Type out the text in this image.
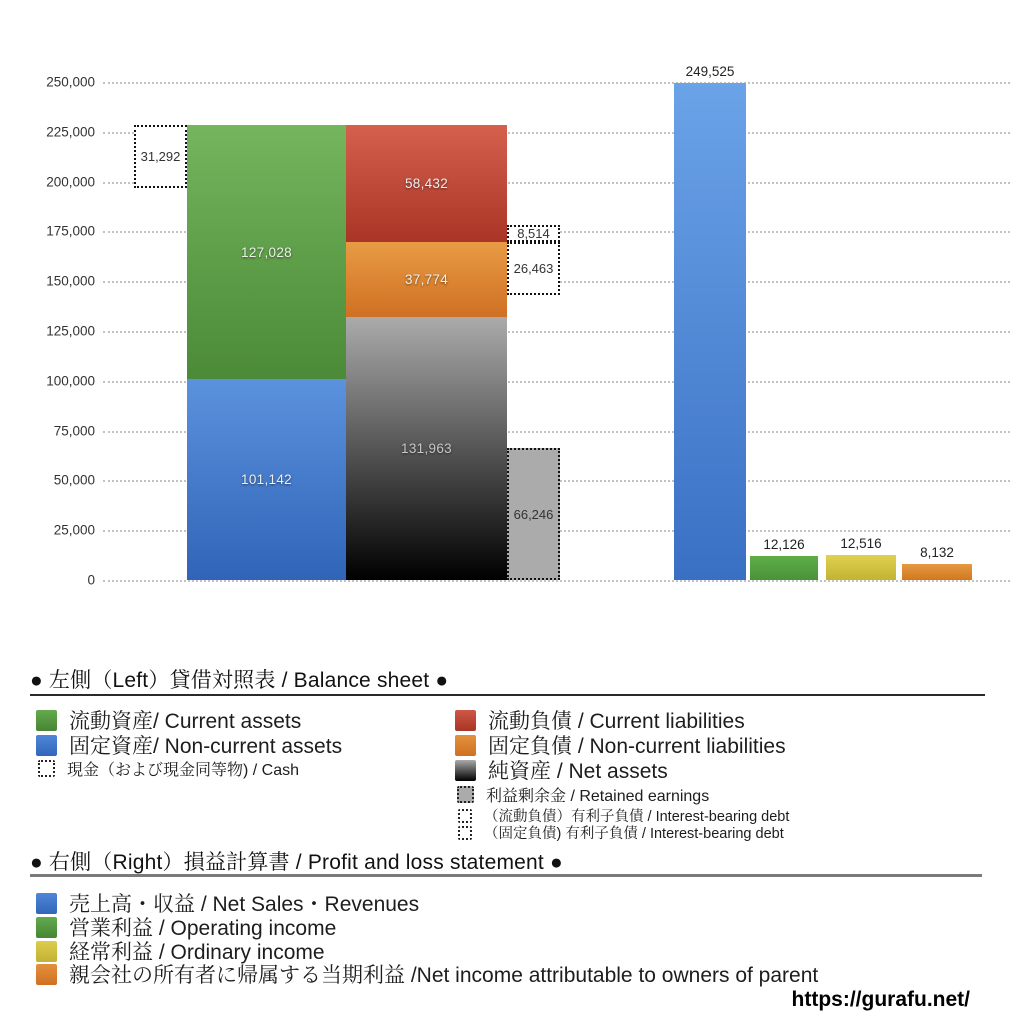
0
25,000
50,000
75,000
100,000
125,000
150,000
175,000
200,000
225,000
250,000
101,142
127,028
131,963
37,774
58,432
31,292
8,514
26,463
66,246
249,525
12,126	12,516
8,132
● 左側（Left）貸借対照表 / Balance sheet ●
流動資産/ Current assets
固定資産/ Non-current assets
現金（および現金同等物) / Cash
流動負債 / Current liabilities
固定負債 / Non-current liabilities
純資産 / Net assets
利益剰余金 / Retained earnings
（流動負債）有利子負債 / Interest-bearing debt
（固定負債) 有利子負債 / Interest-bearing debt
● 右側（Right）損益計算書 / Profit and loss statement ●
売上高・収益 / Net Sales・Revenues
営業利益 / Operating income
経常利益 / Ordinary income
親会社の所有者に帰属する当期利益 /Net income attributable to owners of parent
https://gurafu.net/
